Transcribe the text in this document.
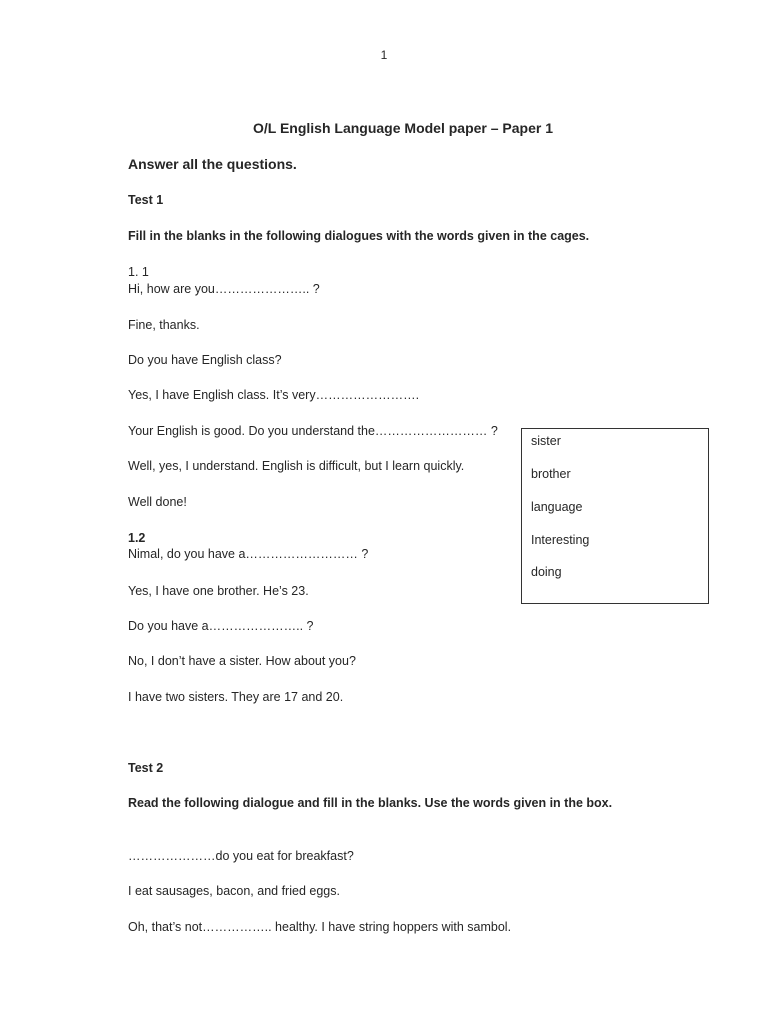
1
O/L English Language Model paper – Paper 1
Answer all the questions.
Test 1
Fill in the blanks in the following dialogues with the words given in the cages.
1. 1
Hi, how are you………………….. ?
Fine, thanks.
Do you have English class?
Yes, I have English class. It’s very…………………….
Your English is good. Do you understand the……………………… ?
Well, yes, I understand. English is difficult, but I learn quickly.
Well done!
1.2
Nimal, do you have a……………………… ?
Yes, I have one brother. He’s 23.
Do you have a………………….. ?
No, I don’t have a sister. How about you?
I have two sisters. They are 17 and 20.
sister
brother
language
Interesting
doing
Test 2
Read the following dialogue and fill in the blanks. Use the words given in the box.
…………………do you eat for breakfast?
I eat sausages, bacon, and fried eggs.
Oh, that’s not…………….. healthy. I have string hoppers with sambol.
